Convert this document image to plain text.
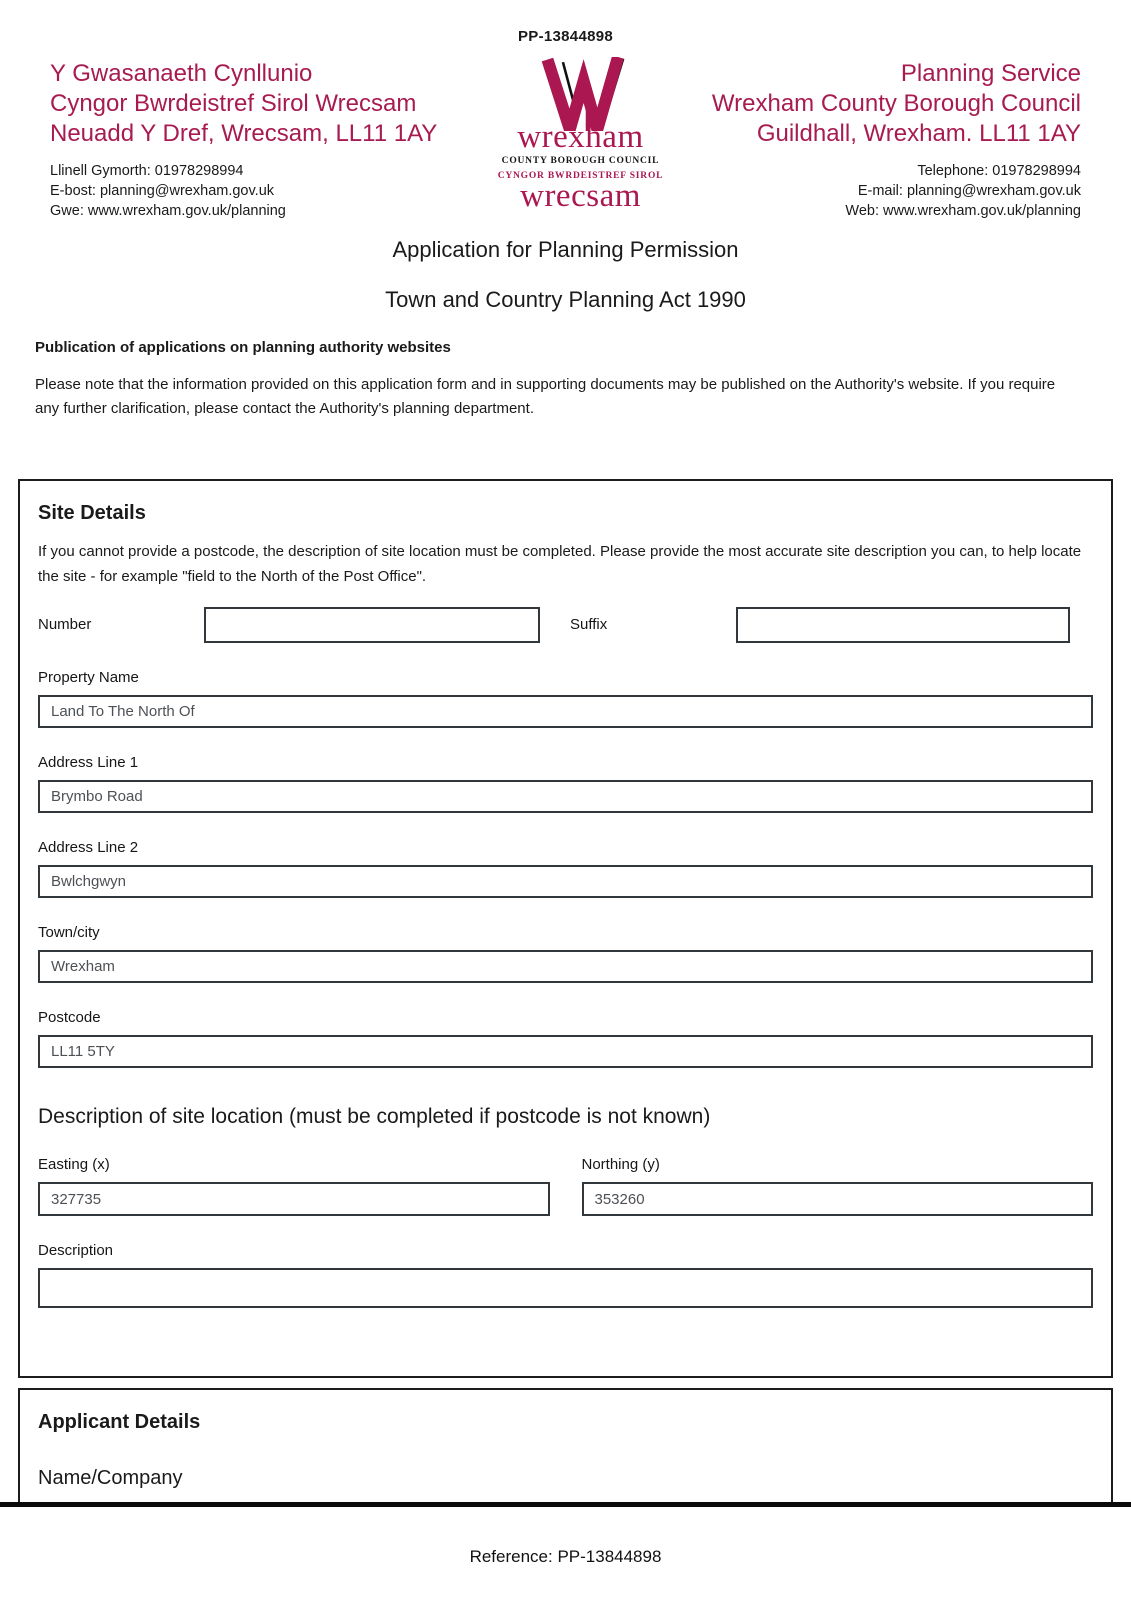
PP-13844898
Y Gwasanaeth Cynllunio
Cyngor Bwrdeistref Sirol Wrecsam
Neuadd Y Dref, Wrecsam, LL11 1AY
Llinell Gymorth: 01978298994
E-bost: planning@wrexham.gov.uk
Gwe: www.wrexham.gov.uk/planning
wrexham
COUNTY BOROUGH COUNCIL
CYNGOR BWRDEISTREF SIROL
wrecsam
Planning Service
Wrexham County Borough Council
Guildhall, Wrexham. LL11 1AY
Telephone: 01978298994
E-mail: planning@wrexham.gov.uk
Web: www.wrexham.gov.uk/planning
Application for Planning Permission
Town and Country Planning Act 1990
Publication of applications on planning authority websites
Please note that the information provided on this application form and in supporting documents may be published on the Authority's website. If you require any further clarification, please contact the Authority's planning department.
Site Details
If you cannot provide a postcode, the description of site location must be completed. Please provide the most accurate site description you can, to help locate the site - for example "field to the North of the Post Office".
Number	Suffix
Property Name
Land To The North Of
Address Line 1
Brymbo Road
Address Line 2
Bwlchgwyn
Town/city
Wrexham
Postcode
LL11 5TY
Description of site location (must be completed if postcode is not known)
Easting (x)
327735	Northing (y)
353260
Description
Applicant Details
Name/Company
Reference: PP-13844898
